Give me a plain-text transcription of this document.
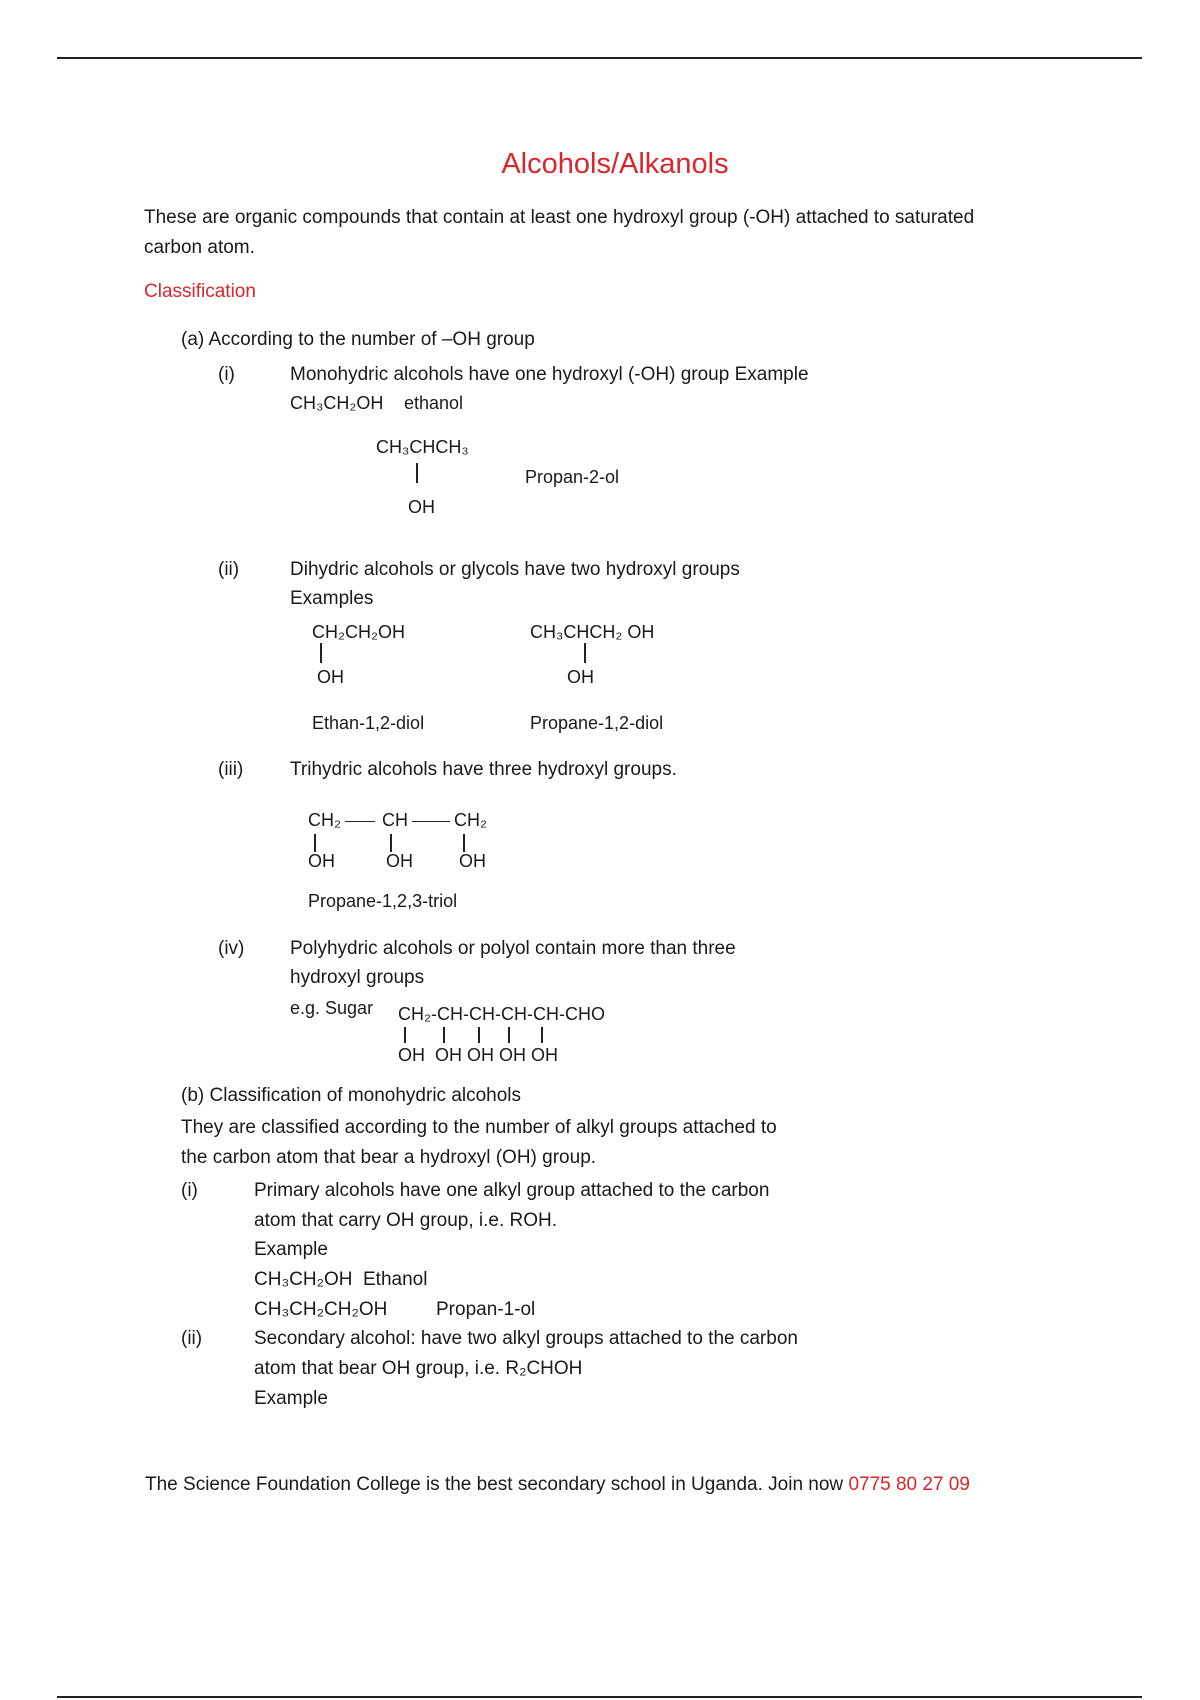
Alcohols/Alkanols
These are organic compounds that contain at least one hydroxyl group (-OH) attached to saturated
carbon atom.
Classification
(a) According to the number of –OH group
(i)	Monohydric alcohols have one hydroxyl (-OH) group Example
CH₃CH₂OH ethanol
CH₃CHCH₃
OH
Propan-2-ol
(ii)	Dihydric alcohols or glycols have two hydroxyl groups
Examples
CH₂CH₂OH
OH
Ethan-1,2-diol
CH₃CHCH₂ OH
OH
Propane-1,2-diol
(iii) Trihydric alcohols have three hydroxyl groups.
CH₂ CH	CH₂
OH	OH	OH
Propane-1,2,3-triol
(iv) Polyhydric alcohols or polyol contain more than three
hydroxyl groups
e.g. Sugar CH₂-CH-CH-CH-CH-CHO
OH  OH OH OH OH
(b) Classification of monohydric alcohols
They are classified according to the number of alkyl groups attached to
the carbon atom that bear a hydroxyl (OH) group.
(i)	Primary alcohols have one alkyl group attached to the carbon
atom that carry OH group, i.e. ROH.
Example
CH₃CH₂OH Ethanol
CH₃CH₂CH₂OH	Propan-1-ol
(ii)	Secondary alcohol: have two alkyl groups attached to the carbon
atom that bear OH group, i.e. R₂CHOH
Example
The Science Foundation College is the best secondary school in Uganda. Join now 0775 80 27 09
